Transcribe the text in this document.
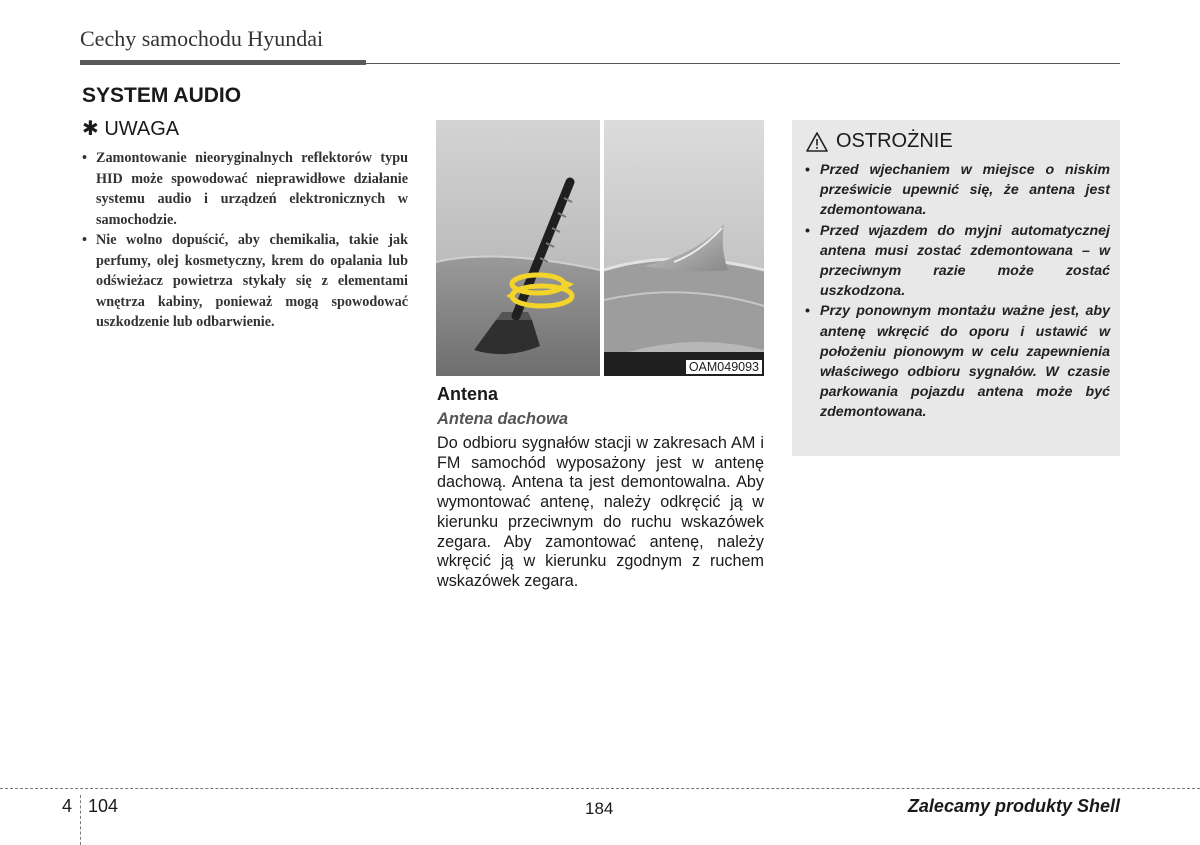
Cechy samochodu Hyundai
SYSTEM AUDIO
✱ UWAGA
• Zamontowanie nieoryginalnych reflektorów typu HID może spowodować nieprawidłowe działanie systemu audio i urządzeń elektronicznych w samochodzie.
• Nie wolno dopuścić, aby chemikalia, takie jak perfumy, olej kosmetyczny, krem do opalania lub odświeżacz powietrza stykały się z elementami wnętrza kabiny, ponieważ mogą spowodować uszkodzenie lub odbarwienie.
OAM049093
Antena
Antena dachowa

Do odbioru sygnałów stacji w zakresach AM i FM samochód wyposażony jest w antenę dachową. Antena ta jest demontowalna. Aby wymontować antenę, należy odkręcić ją w kierunku przeciwnym do ruchu wskazówek zegara. Aby zamontować antenę, należy wkręcić ją w kierunku zgodnym z ruchem wskazówek zegara.

OSTROŻNIE
• Przed wjechaniem w miejsce o niskim prześwicie upewnić się, że antena jest zdemontowana.
• Przed wjazdem do myjni automatycznej antena musi zostać zdemontowana – w przeciwnym razie może zostać uszkodzona.
• Przy ponownym montażu ważne jest, aby antenę wkręcić do oporu i ustawić w położeniu pionowym w celu zapewnienia właściwego odbioru sygnałów. W czasie parkowania pojazdu antena może być zdemontowana.
4 104	184	Zalecamy produkty Shell
